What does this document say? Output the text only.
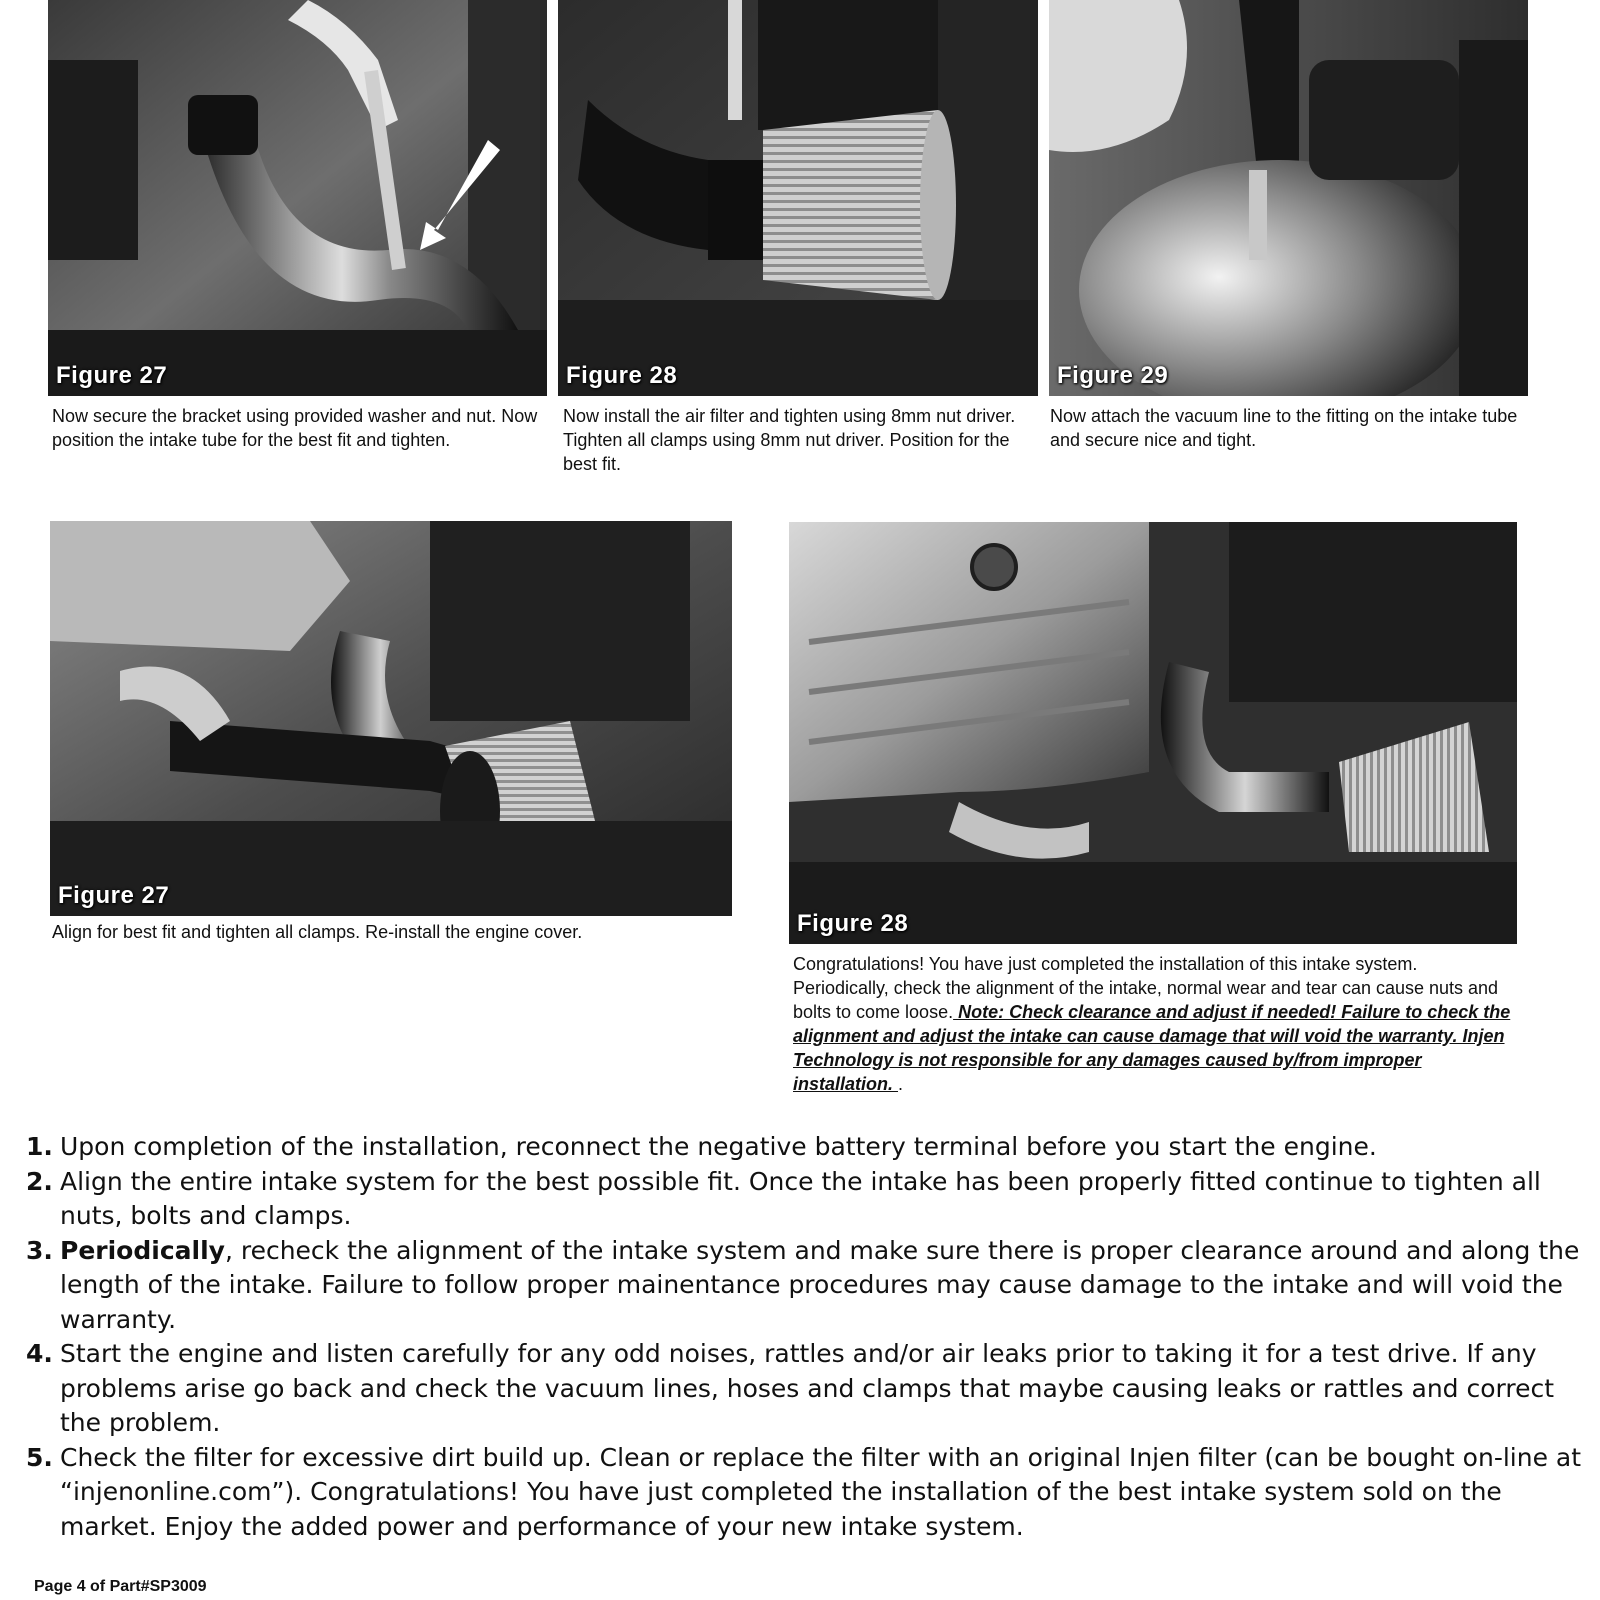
Figure 27	Figure 28	Figure 29
Now secure the bracket using provided washer and nut. Now position the intake tube for the best fit and tighten.
Now install the air filter and tighten using 8mm nut driver. Tighten all clamps using 8mm nut driver. Position for the best fit.
Now attach the vacuum line to the fitting on the intake tube and secure nice and tight.
Figure 27
Align for best fit and tighten all clamps. Re-install the engine cover.	Figure 28
Congratulations! You have just completed the installation of this intake system. Periodically, check the alignment of the intake, normal wear and tear can cause nuts and bolts to come loose. Note: Check clearance and adjust if needed! Failure to check the alignment and adjust the intake can cause damage that will void the warranty. Injen Technology is not responsible for any damages caused by/from improper installation. .
1. Upon completion of the installation, reconnect the negative battery terminal before you start the engine.
2. Align the entire intake system for the best possible fit. Once the intake has been properly fitted continue to tighten all nuts, bolts and clamps.
3. Periodically, recheck the alignment of the intake system and make sure there is proper clearance around and along the length of the intake. Failure to follow proper mainentance procedures may cause damage to the intake and will void the warranty.
4. Start the engine and listen carefully for any odd noises, rattles and/or air leaks prior to taking it for a test drive. If any problems arise go back and check the vacuum lines, hoses and clamps that maybe causing leaks or rattles and correct the problem.
5. Check the filter for excessive dirt build up. Clean or replace the filter with an original Injen filter (can be bought on-line at “injenonline.com”). Congratulations! You have just completed the installation of the best intake system sold on the market. Enjoy the added power and performance of your new intake system.
Page 4 of Part#SP3009
